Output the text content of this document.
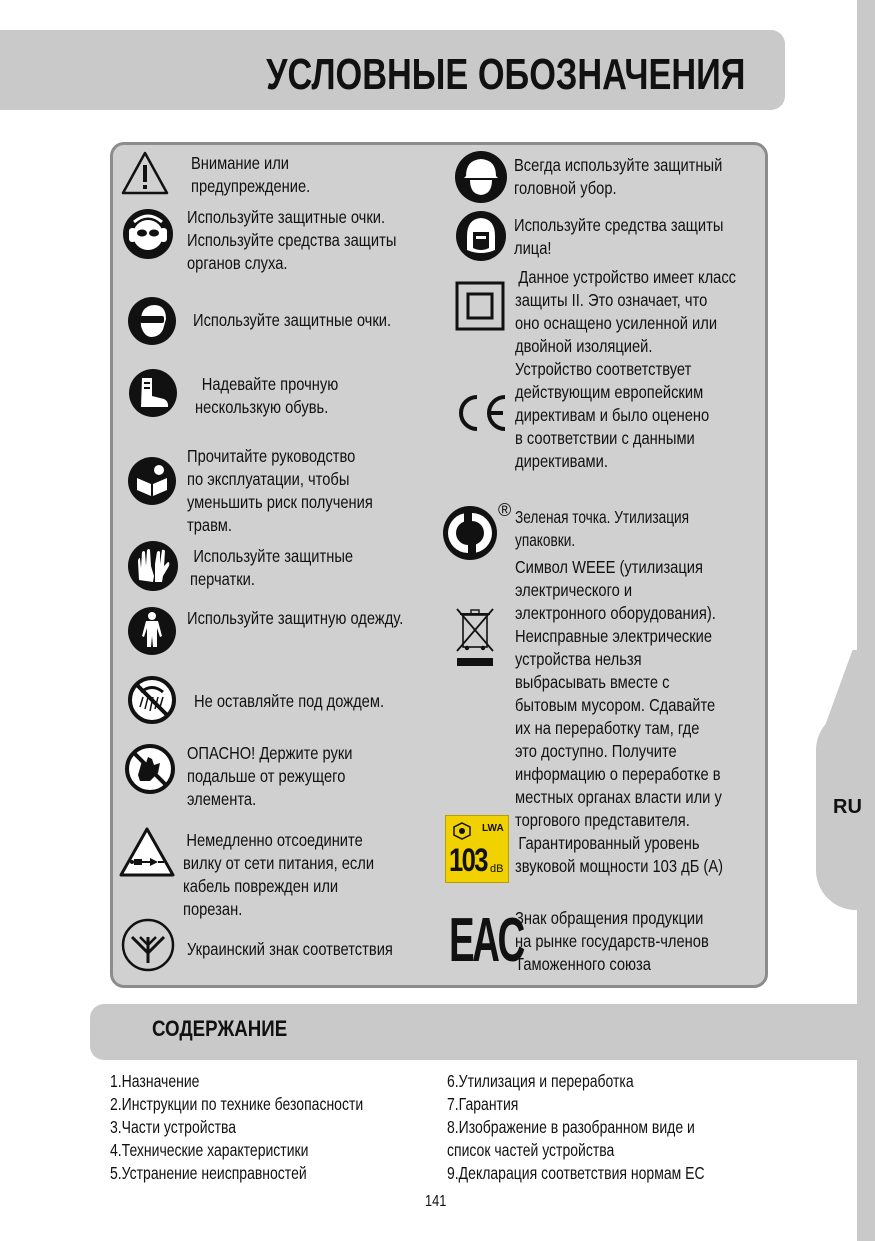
УСЛОВНЫЕ ОБОЗНАЧЕНИЯ
RU
Внимание или
предупреждение.
Используйте защитные очки.
Используйте средства защиты
органов слуха.
Используйте защитные очки.
Надевайте прочную
нескользкую обувь.
Прочитайте руководство
по эксплуатации, чтобы
уменьшить риск получения
травм.
Используйте защитные
перчатки.
Используйте защитную одежду.
Не оставляйте под дождем.
ОПАСНО! Держите руки
подальше от режущего
элемента.
Немедленно отсоедините
вилку от сети питания, если
кабель поврежден или
порезан.
Украинский знак соответствия
®
LWA
103 dB
EAC
Всегда используйте защитный
головной убор.
Используйте средства защиты
лица!
Данное устройство имеет класс
защиты II. Это означает, что
оно оснащено усиленной или
двойной изоляцией.
Устройство соответствует
действующим европейским
директивам и было оценено
в соответствии с данными
директивами.
Зеленая точка. Утилизация
упаковки.
Символ WEEE (утилизация
электрического и
электронного оборудования).
Неисправные электрические
устройства нельзя
выбрасывать вместе с
бытовым мусором. Сдавайте
их на переработку там, где
это доступно. Получите
информацию о переработке в
местных органах власти или у
торгового представителя.
Гарантированный уровень
звуковой мощности 103 дБ (A)
Знак обращения продукции
на рынке государств-членов
Таможенного союза
СОДЕРЖАНИЕ
1.Назначение
2.Инструкции по технике безопасности
3.Части устройства
4.Технические характеристики
5.Устранение неисправностей
6.Утилизация и переработка
7.Гарантия
8.Изображение в разобранном виде и
список частей устройства
9.Декларация соответствия нормам ЕС
141
